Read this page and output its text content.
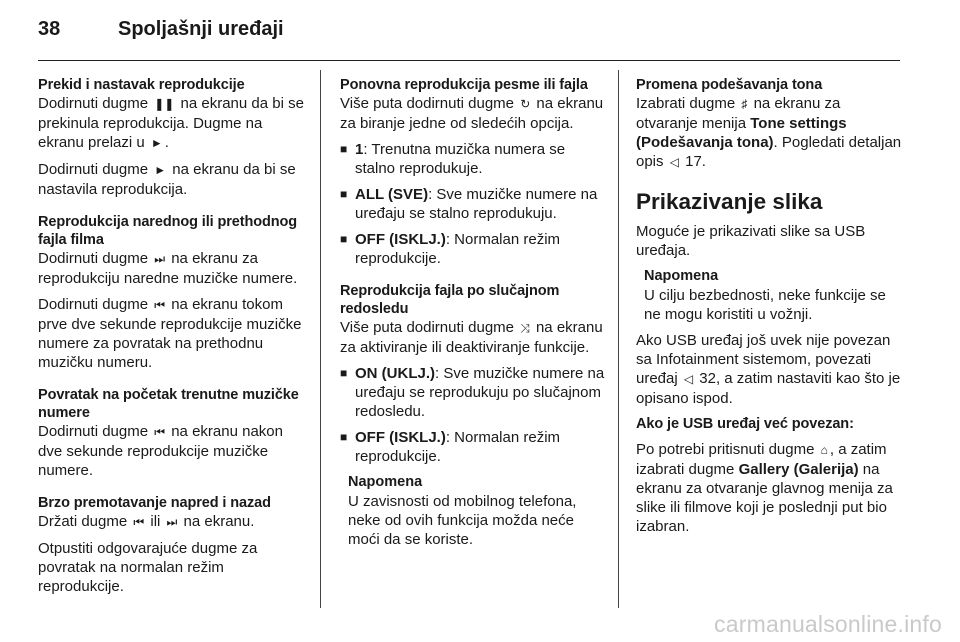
38	Spoljašnji uređaji
Prekid i nastavak reprodukcije
Dodirnuti dugme ❚❚ na ekranu da bi se prekinula reprodukcija. Dugme na ekranu prelazi u ► .
Dodirnuti dugme ► na ekranu da bi se nastavila reprodukcija.
Reprodukcija narednog ili prethodnog fajla filma
Dodirnuti dugme ⏭ na ekranu za reprodukciju naredne muzičke numere.
Dodirnuti dugme ⏮ na ekranu tokom prve dve sekunde reprodukcije muzičke numere za povratak na prethodnu muzičku numeru.
Povratak na početak trenutne muzičke numere
Dodirnuti dugme ⏮ na ekranu nakon dve sekunde reprodukcije muzičke numere.
Brzo premotavanje napred i nazad
Držati dugme ⏮ ili ⏭ na ekranu.
Otpustiti odgovarajuće dugme za povratak na normalan režim reprodukcije.
Ponovna reprodukcija pesme ili fajla
Više puta dodirnuti dugme ↻ na ekranu za biranje jedne od sledećih opcija.
■ 1: Trenutna muzička numera se stalno reprodukuje.
■ ALL (SVE): Sve muzičke numere na uređaju se stalno reprodukuju.
■ OFF (ISKLJ.): Normalan režim reprodukcije.
Reprodukcija fajla po slučajnom redosledu
Više puta dodirnuti dugme ⤨ na ekranu za aktiviranje ili deaktiviranje funkcije.
■ ON (UKLJ.): Sve muzičke numere na uređaju se reprodukuju po slučajnom redosledu.
■ OFF (ISKLJ.): Normalan režim reprodukcije.
Napomena
U zavisnosti od mobilnog telefona, neke od ovih funkcija možda neće moći da se koriste.
Promena podešavanja tona
Izabrati dugme ♯ na ekranu za otvaranje menija Tone settings (Podešavanja tona). Pogledati detaljan opis ◁ 17.
Prikazivanje slika
Moguće je prikazivati slike sa USB uređaja.
Napomena
U cilju bezbednosti, neke funkcije se ne mogu koristiti u vožnji.
Ako USB uređaj još uvek nije povezan sa Infotainment sistemom, povezati uređaj ◁ 32, a zatim nastaviti kao što je opisano ispod.
Ako je USB uređaj već povezan:
Po potrebi pritisnuti dugme ⌂ , a zatim izabrati dugme Gallery (Galerija) na ekranu za otvaranje glavnog menija za slike ili filmove koji je poslednji put bio izabran.
carmanualsonline.info
